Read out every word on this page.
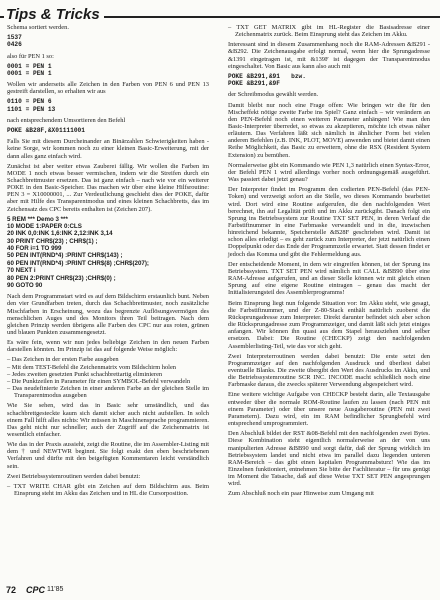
Tips & Tricks

Schema sortiert werden.

1537
0426

also für PEN 1 so:

0001 = PEN 1
0001 = PEN 1

Wollen wir anderseits alle Zeichen in den Farben von PEN 6 und PEN 13 gestreift darstellen, so erhalten wir aus

0110 = PEN 6
1101 = PEN 13

nach entsprechendem Umsortieren den Befehl

POKE &B28F,&X01111001

Falls Sie mit diesem Durcheinander an Binärzahlen Schwierigkeiten haben - keine Sorge, wir kommen noch zu einer kleinen Basic-Erweiterung, mit der dann alles ganz einfach wird.

Zunächst ist aber weiter etwas Zauberei fällig. Wir wollen die Farben im MODE 1 noch etwas besser vermischen, indem wir die Streifen durch ein Schachbrettmuster ersetzen. Das ist ganz einfach – nach wie vor ein weiterer POKE in den Basic-Speicher. Das machen wir über eine kleine Hilfsroutine: PEN 3 = X10000001, ... Zur Verdeutlichung geschieht dies der POKE, dafür aber mit Hilfe des Transparentmodus und eines kleinen Schachbretts, das im Zeichensatz des CPC bereits enthalten ist (Zeichen 207).

5 REM *** Demo 3 ***
10 MODE 1:PAPER 0:CLS
20 INK 0,0:INK 1,6:INK 2,12:INK 3,14
30 PRINT CHR$(23) ; CHR$(1) ;
40 FOR i=1 TO 999
50 PEN INT(RND*4) :PRINT CHR$(143) ;
60 PEN INT(RND*4) :PRINT CHR$(8) ;CHR$(207);
70 NEXT i
80 PEN 2:PRINT CHR$(23) ;CHR$(0) ;
90 GOTO 90

Nach dem Programmstart wird es auf dem Bildschirm erstaunlich bunt. Neben den vier Grundfarben treten, durch das Schachbrettmuster, noch zusätzliche Mischfarben in Erscheinung, wozu das begrenzte Auflösungsvermögen des menschlichen Auges und des Monitors ihren Teil beitragen. Nach dem gleichen Prinzip werden übrigens alle Farben des CPC nur aus roten, grünen und blauen Punkten zusammengesetzt.

Es wäre fein, wenn wir nun jedes beliebige Zeichen in den neuen Farben darstellen könnten. Im Prinzip ist das auf folgende Weise möglich:

– Das Zeichen in der ersten Farbe ausgeben
– Mit dem TEST-Befehl die Zeichenmatrix vom Bildschirm holen
– Jedes zweiten gesetzten Punkt schachbrettartig eliminieren
– Die Punktzeilen in Parameter für einen SYMBOL-Befehl verwandeln
– Das neudefinierte Zeichen in einer anderen Farbe an der gleichen Stelle im Transparentmodus ausgeben

Wie Sie sehen, wird das in Basic sehr umständlich, und das schachbrettgesteckte kaum sich damit sicher auch nicht aufstellen. In solch einem Fall hilft alles nichts: Wir müssen in Maschinensprache programmieren. Das geht nicht nur schneller; auch der Zugriff auf die Zeichenmatrix ist wesentlich einfacher.

Wie das in der Praxis aussieht, zeigt die Routine, die im Assembler-Listing mit dem † und NEWTWR beginnt. Sie folgt exakt den eben beschriebenen Verfahren und dürfte mit den beigefügten Kommentaren leicht verständlich sein.

Zwei Betriebssystemroutinen werden dabei benutzt:

– TXT WRITE CHAR gibt ein Zeichen auf dem Bildschirm aus. Beim Einsprung steht im Akku das Zeichen und in HL die Cursorposition.
– TXT GET MATRIX gibt im HL-Register die Basisadresse einer Zeichenmatrix zurück. Beim Einsprung steht das Zeichen im Akku.

Interessant sind in diesem Zusammenhang noch die RAM-Adressen &B291 - &B292. Die Zeichenausgabe erfolgt normal, wenn hier die Sprungadresse &1391 eingetragen ist, mit &139F ist dagegen der Transparentmodus eingeschaltet. Von Basic aus kann also auch mit

POKE &B291,&91   bzw.
POKE &B291,&9F

der Schreibmodus gewählt werden.

Damit bleibt nur noch eine Frage offen: Wie bringen wir die für den Mischeffekt nötige zweite Farbe ins Spiel? Ganz einfach – wir verändern an den PEN-Befehl noch einen weiteren Parameter anhängen! Wie man den Basic-Interpreter überredet, so etwas zu akzeptieren, möchte ich etwas näher erläutern. Das Verfahren läßt sich nämlich in ähnlicher Form bei vielen anderen Befehlen (z.B. INK, PLOT, MOVE) anwenden und bietet damit einen Reihe Möglichkeit, das Basic zu erweitern, ohne die RSX (Resident System Extension) zu bemühen.

Normalerweise gibt ein Kommando wie PEN 1,3 natürlich einen Syntax-Error, der Befehl PEN 1 wird allerdings vorher noch ordnungsgemäß ausgeführt. Was passiert dabei jetzt genau?

Der Interpreter findet im Programm den codierten PEN-Befehl (das PEN-Token) und verzweigt sofort an die Stelle, wo dieses Kommando bearbeitet wird. Dort wird eine Routine aufgerufen, die den nachfolgenden Wert berechnet, ihn auf Legalität prüft und im Akku zurückgibt. Danach folgt ein Sprung ins Betriebssystem zur Routine TXT SET PEN, in deren Verlauf die Farbstiftnummer in eine Farbmaske verwandelt und in die, inzwischen hinreichend bekannte, Speicherstelle &B28F geschrieben wird. Damit ist schon alles erledigt – es geht zurück zum Interpreter, der jetzt natürlich einen Doppelpunkt oder das Ende der Programmzeile erwartet. Statt dessen findet er jedoch das Komma und gibt die Fehlermeldung aus.

Der entscheidende Moment, in dem wir eingreifen können, ist der Sprung ins Betriebssystem. TXT SET PEN wird nämlich mit CALL &BB90 über eine RAM-Adresse aufgerufen, und an dieser Stelle können wir mit gleich einen Sprung auf eine eigene Routine eintragen – genau das macht der Initialisierungsteil des Assemblerprogramms!

Beim Einsprung liegt nun folgende Situation vor: Im Akku steht, wie gesagt, die Farbstiftnummer, und der Z-80-Stack enthält natürlich zuoberst die Rücksprungadresse zum Interpreter. Direkt darunter befindet sich aber schon die Rücksprungadresse zum Programmzeiger, und damit läßt sich jetzt einiges anfangen. Wir können ihn quasi aus dem Stapel herausziehen und selber ersetzen. Dabei: Die Routine (CHECKP) zeigt den nachfolgenden Assemblerlisting-Teil, wie das vor sich geht.

Zwei Interpreterroutinen werden dabei benutzt: Die erste setzt den Programmzeiger auf den nachfolgenden Ausdruck und überliest dabei eventuelle Blanks. Die zweite übergibt den Wert des Ausdrucks im Akku, und die Betriebssystemroutine SCR INC. INCODE macht schließlich noch eine Farbmaske daraus, die zwecks späterer Verwendung abgespeichert wird.

Eine weitere wichtige Aufgabe von CHECKP besteht darin, alle Textausgabe entweder über die normale ROM-Routine laufen zu lassen (nach PEN mit einem Parameter) oder über unsere neue Ausgaberoutine (PEN mit zwei Parametern). Dazu wird, ein im RAM befindlicher Sprungbefehl wird entsprechend umprogrammiert.

Den Abschluß bildet der RST &08-Befehl mit den nachfolgenden zwei Bytes. Diese Kombination steht eigentlich normalerweise an der von uns manipulierten Adresse &BB90 und sorgt dafür, daß der Sprung wirklich im Betriebssystem landet und nicht etwa im parallel dazu liegenden unteren RAM-Bereich – das gibt einen kapitalen Programmabsturz! Wie das im Einzelnen funktioniert, entnehmen Sie bitte der Fachliteratur – für uns genügt im Moment die Tatsache, daß auf diese Weise TXT SET PEN angesprungen wird.

Zum Abschluß noch ein paar Hinweise zum Umgang mit

72 CPC 11'85
